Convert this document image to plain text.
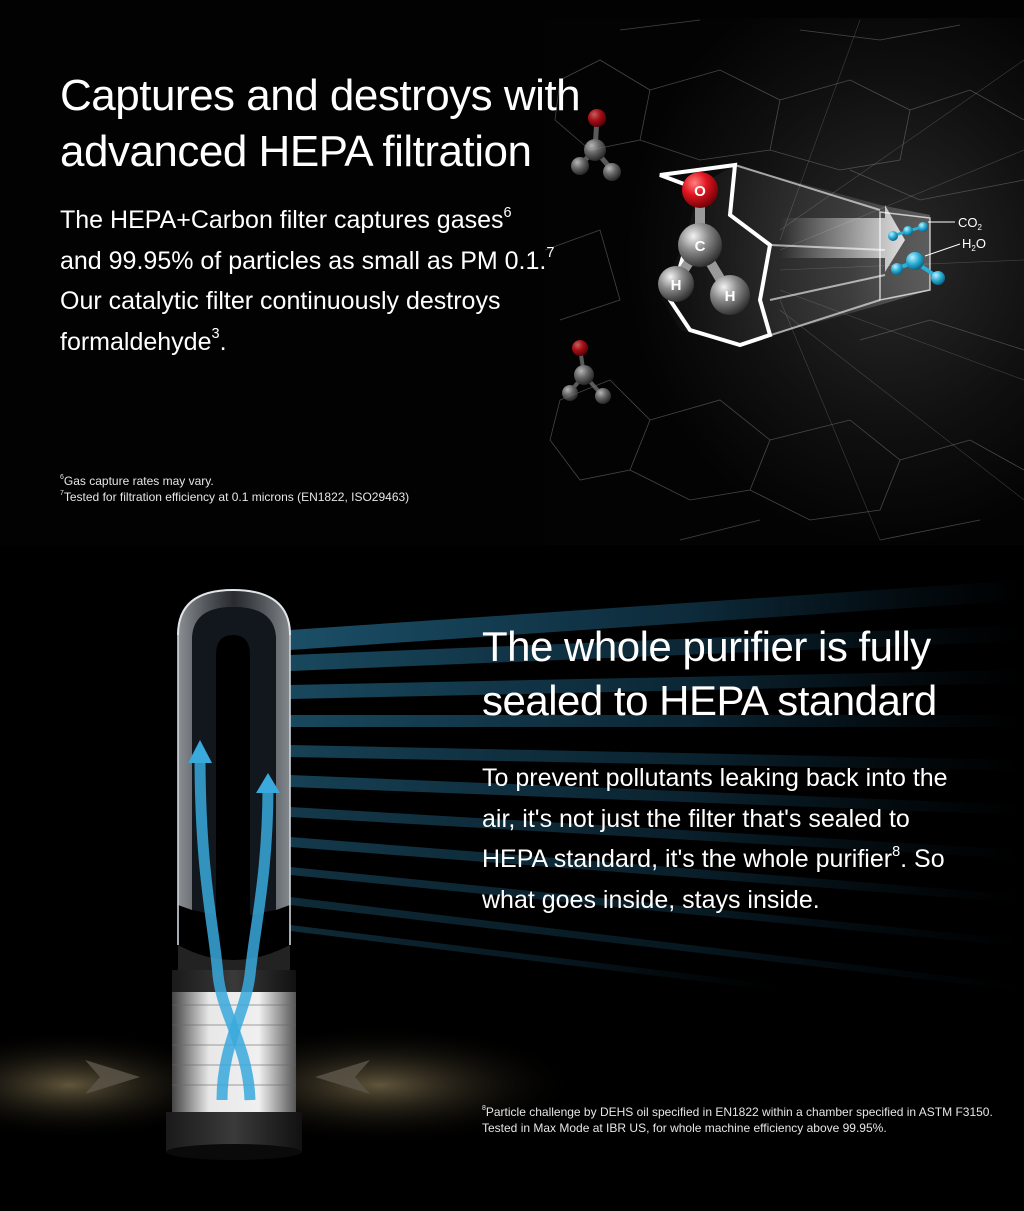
O
C
H
H
$CO_2$
$H_2O$
Captures and destroys with
advanced HEPA filtration

The HEPA+Carbon filter captures gases$^6$ and 99.95% of particles as small as PM 0.1.$^7$ Our catalytic filter continuously destroys formaldehyde$^3$.

$^6$Gas capture rates may vary.
$^7$Tested for filtration efficiency at 0.1 microns (EN1822, ISO29463)
The whole purifier is fully
sealed to HEPA standard

To prevent pollutants leaking back into the air, it's not just the filter that's sealed to HEPA standard, it's the whole purifier$^8$. So what goes inside, stays inside.

$^8$Particle challenge by DEHS oil specified in EN1822 within a chamber specified in ASTM F3150. Tested in Max Mode at IBR US, for whole machine efficiency above 99.95%.
